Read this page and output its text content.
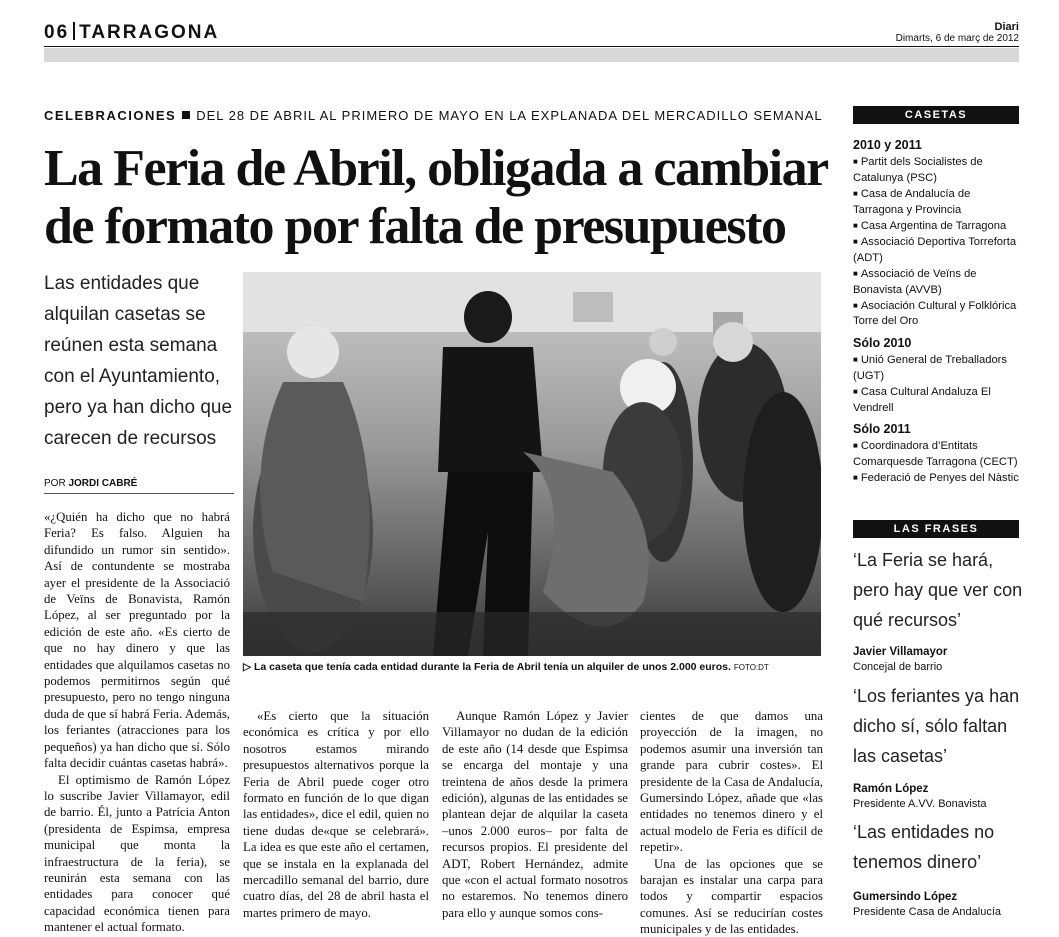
06 TARRAGONA	Diari
Dimarts, 6 de març de 2012
CELEBRACIONES DEL 28 DE ABRIL AL PRIMERO DE MAYO EN LA EXPLANADA DEL MERCADILLO SEMANAL
La Feria de Abril, obligada a cambiar
de formato por falta de presupuesto
Las entidades que alquilan casetas se reúnen esta semana con el Ayuntamiento, pero ya han dicho que carecen de recursos
POR JORDI CABRÉ
▷ La caseta que tenía cada entidad durante la Feria de Abril tenía un alquiler de unos 2.000 euros. FOTO:DT

«¿Quién ha dicho que no habrá Feria? Es falso. Alguien ha difundido un rumor sin sentido». Así de contundente se mostraba ayer el presidente de la Associació de Veïns de Bonavista, Ramón López, al ser preguntado por la edición de este año. «Es cierto de que no hay dinero y que las entidades que alquilamos casetas no podemos permitirnos según qué presupuesto, pero no tengo ninguna duda de que sí habrá Feria. Además, los feriantes (atracciones para los pequeños) ya han dicho que sí. Sólo falta decidir cuántas casetas habrá».

El optimismo de Ramón López lo suscribe Javier Villamayor, edil de barrio. Él, junto a Patrícia Anton (presidenta de Espimsa, empresa municipal que monta la infraestructura de la feria), se reunirán esta semana con las entidades para conocer qué capacidad económica tienen para mantener el actual formato.

«Es cierto que la situación económica es crítica y por ello nosotros estamos mirando presupuestos alternativos porque la Feria de Abril puede coger otro formato en función de lo que digan las entidades», dice el edil, quien no tiene dudas de«que se celebrará». La idea es que este año el certamen, que se instala en la explanada del mercadillo semanal del barrio, dure cuatro días, del 28 de abril hasta el martes primero de mayo.

Aunque Ramón López y Javier Villamayor no dudan de la edición de este año (14 desde que Espimsa se encarga del montaje y una treintena de años desde la primera edición), algunas de las entidades se plantean dejar de alquilar la caseta –unos 2.000 euros– por falta de recursos propios. El presidente del ADT, Robert Hernández, admite que «con el actual formato nosotros no estaremos. No tenemos dinero para ello y aunque somos cons-

cientes de que damos una proyección de la imagen, no podemos asumir una inversión tan grande para cubrir costes». El presidente de la Casa de Andalucía, Gumersindo López, añade que «las entidades no tenemos dinero y el actual modelo de Feria es difícil de repetir».

Una de las opciones que se barajan es instalar una carpa para todos y compartir espacios comunes. Así se reducirían costes municipales y de las entidades.

CASETAS
2010 y 2011
■ Partit dels Socialistes de Catalunya (PSC)
■ Casa de Andalucía de Tarragona y Provincia
■ Casa Argentina de Tarragona
■ Associació Deportiva Torreforta (ADT)
■ Associació de Veïns de Bonavista (AVVB)
■ Asociación Cultural y Folklórica Torre del Oro
Sólo 2010
■ Unió General de Treballadors (UGT)
■ Casa Cultural Andaluza El Vendrell
Sólo 2011
■ Coordinadora d’Entitats Comarquesde Tarragona (CECT)
■ Federació de Penyes del Nàstic
LAS FRASES
‘La Feria se hará, pero hay que ver con qué recursos’
Javier Villamayor
Concejal de barrio
‘Los feriantes ya han dicho sí, sólo faltan las casetas’
Ramón López
Presidente A.VV. Bonavista
‘Las entidades no tenemos dinero’
Gumersindo López
Presidente Casa de Andalucía
